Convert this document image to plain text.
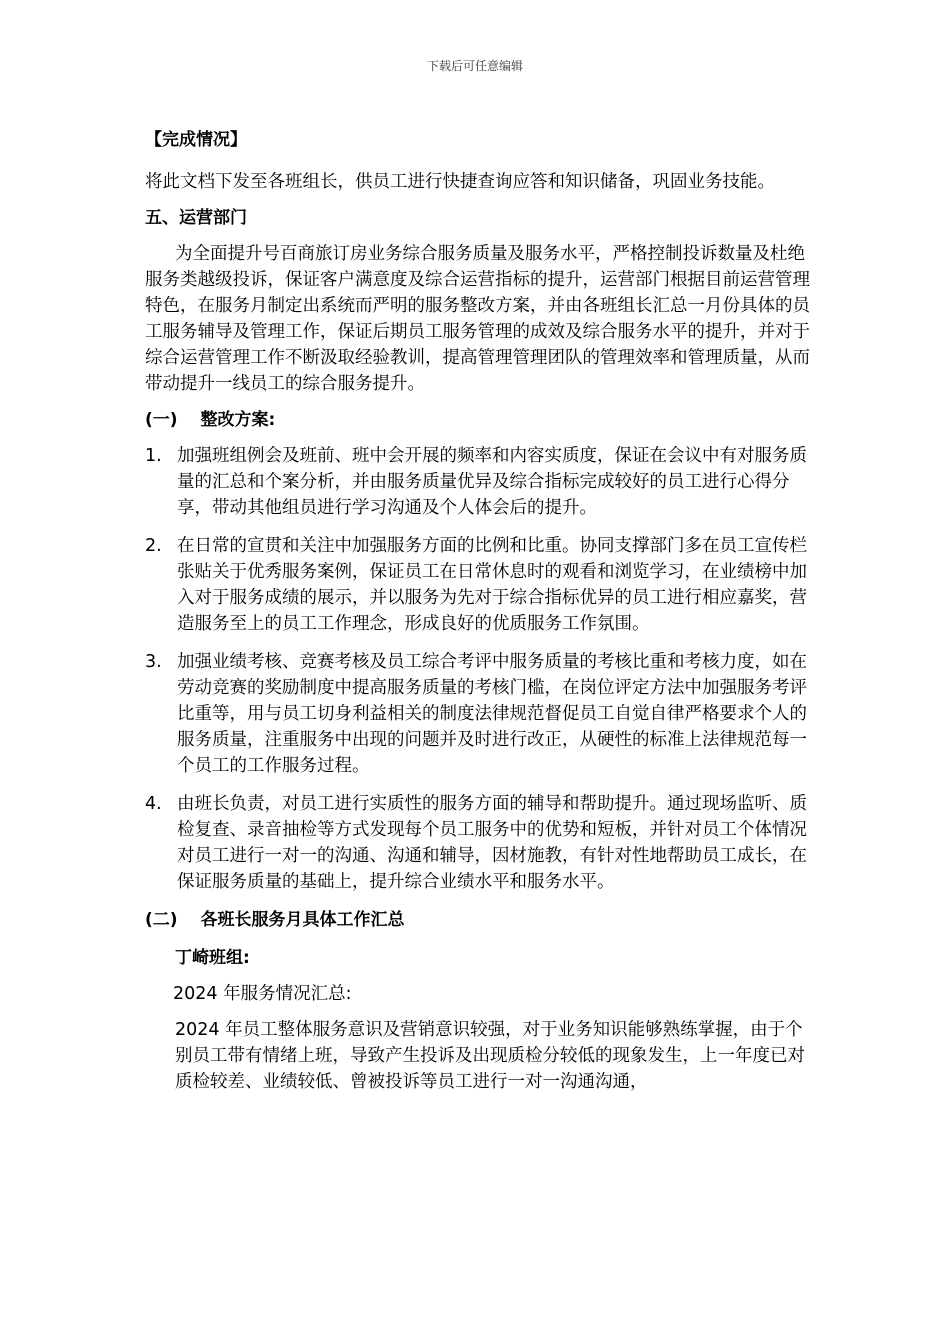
下载后可任意编辑

【完成情况】

将此文档下发至各班组长，供员工进行快捷查询应答和知识储备，巩固业务技能。

五、运营部门

为全面提升号百商旅订房业务综合服务质量及服务水平，严格控制投诉数量及杜绝服务类越级投诉，保证客户满意度及综合运营指标的提升，运营部门根据目前运营管理特色，在服务月制定出系统而严明的服务整改方案，并由各班组长汇总一月份具体的员工服务辅导及管理工作，保证后期员工服务管理的成效及综合服务水平的提升，并对于综合运营管理工作不断汲取经验教训，提高管理管理团队的管理效率和管理质量，从而带动提升一线员工的综合服务提升。

(一)　 整改方案:

1. 加强班组例会及班前、班中会开展的频率和内容实质度，保证在会议中有对服务质量的汇总和个案分析，并由服务质量优异及综合指标完成较好的员工进行心得分享，带动其他组员进行学习沟通及个人体会后的提升。
2. 在日常的宣贯和关注中加强服务方面的比例和比重。协同支撑部门多在员工宣传栏张贴关于优秀服务案例，保证员工在日常休息时的观看和浏览学习，在业绩榜中加入对于服务成绩的展示，并以服务为先对于综合指标优异的员工进行相应嘉奖，营造服务至上的员工工作理念，形成良好的优质服务工作氛围。
3. 加强业绩考核、竞赛考核及员工综合考评中服务质量的考核比重和考核力度，如在劳动竞赛的奖励制度中提高服务质量的考核门槛，在岗位评定方法中加强服务考评比重等，用与员工切身利益相关的制度法律规范督促员工自觉自律严格要求个人的服务质量，注重服务中出现的问题并及时进行改正，从硬性的标准上法律规范每一个员工的工作服务过程。
4. 由班长负责，对员工进行实质性的服务方面的辅导和帮助提升。通过现场监听、质检复查、录音抽检等方式发现每个员工服务中的优势和短板，并针对员工个体情况对员工进行一对一的沟通、沟通和辅导，因材施教，有针对性地帮助员工成长，在保证服务质量的基础上，提升综合业绩水平和服务水平。

(二)　 各班长服务月具体工作汇总

丁崎班组:

2024 年服务情况汇总:

2024 年员工整体服务意识及营销意识较强，对于业务知识能够熟练掌握，由于个别员工带有情绪上班，导致产生投诉及出现质检分较低的现象发生，上一年度已对质检较差、业绩较低、曾被投诉等员工进行一对一沟通沟通，
